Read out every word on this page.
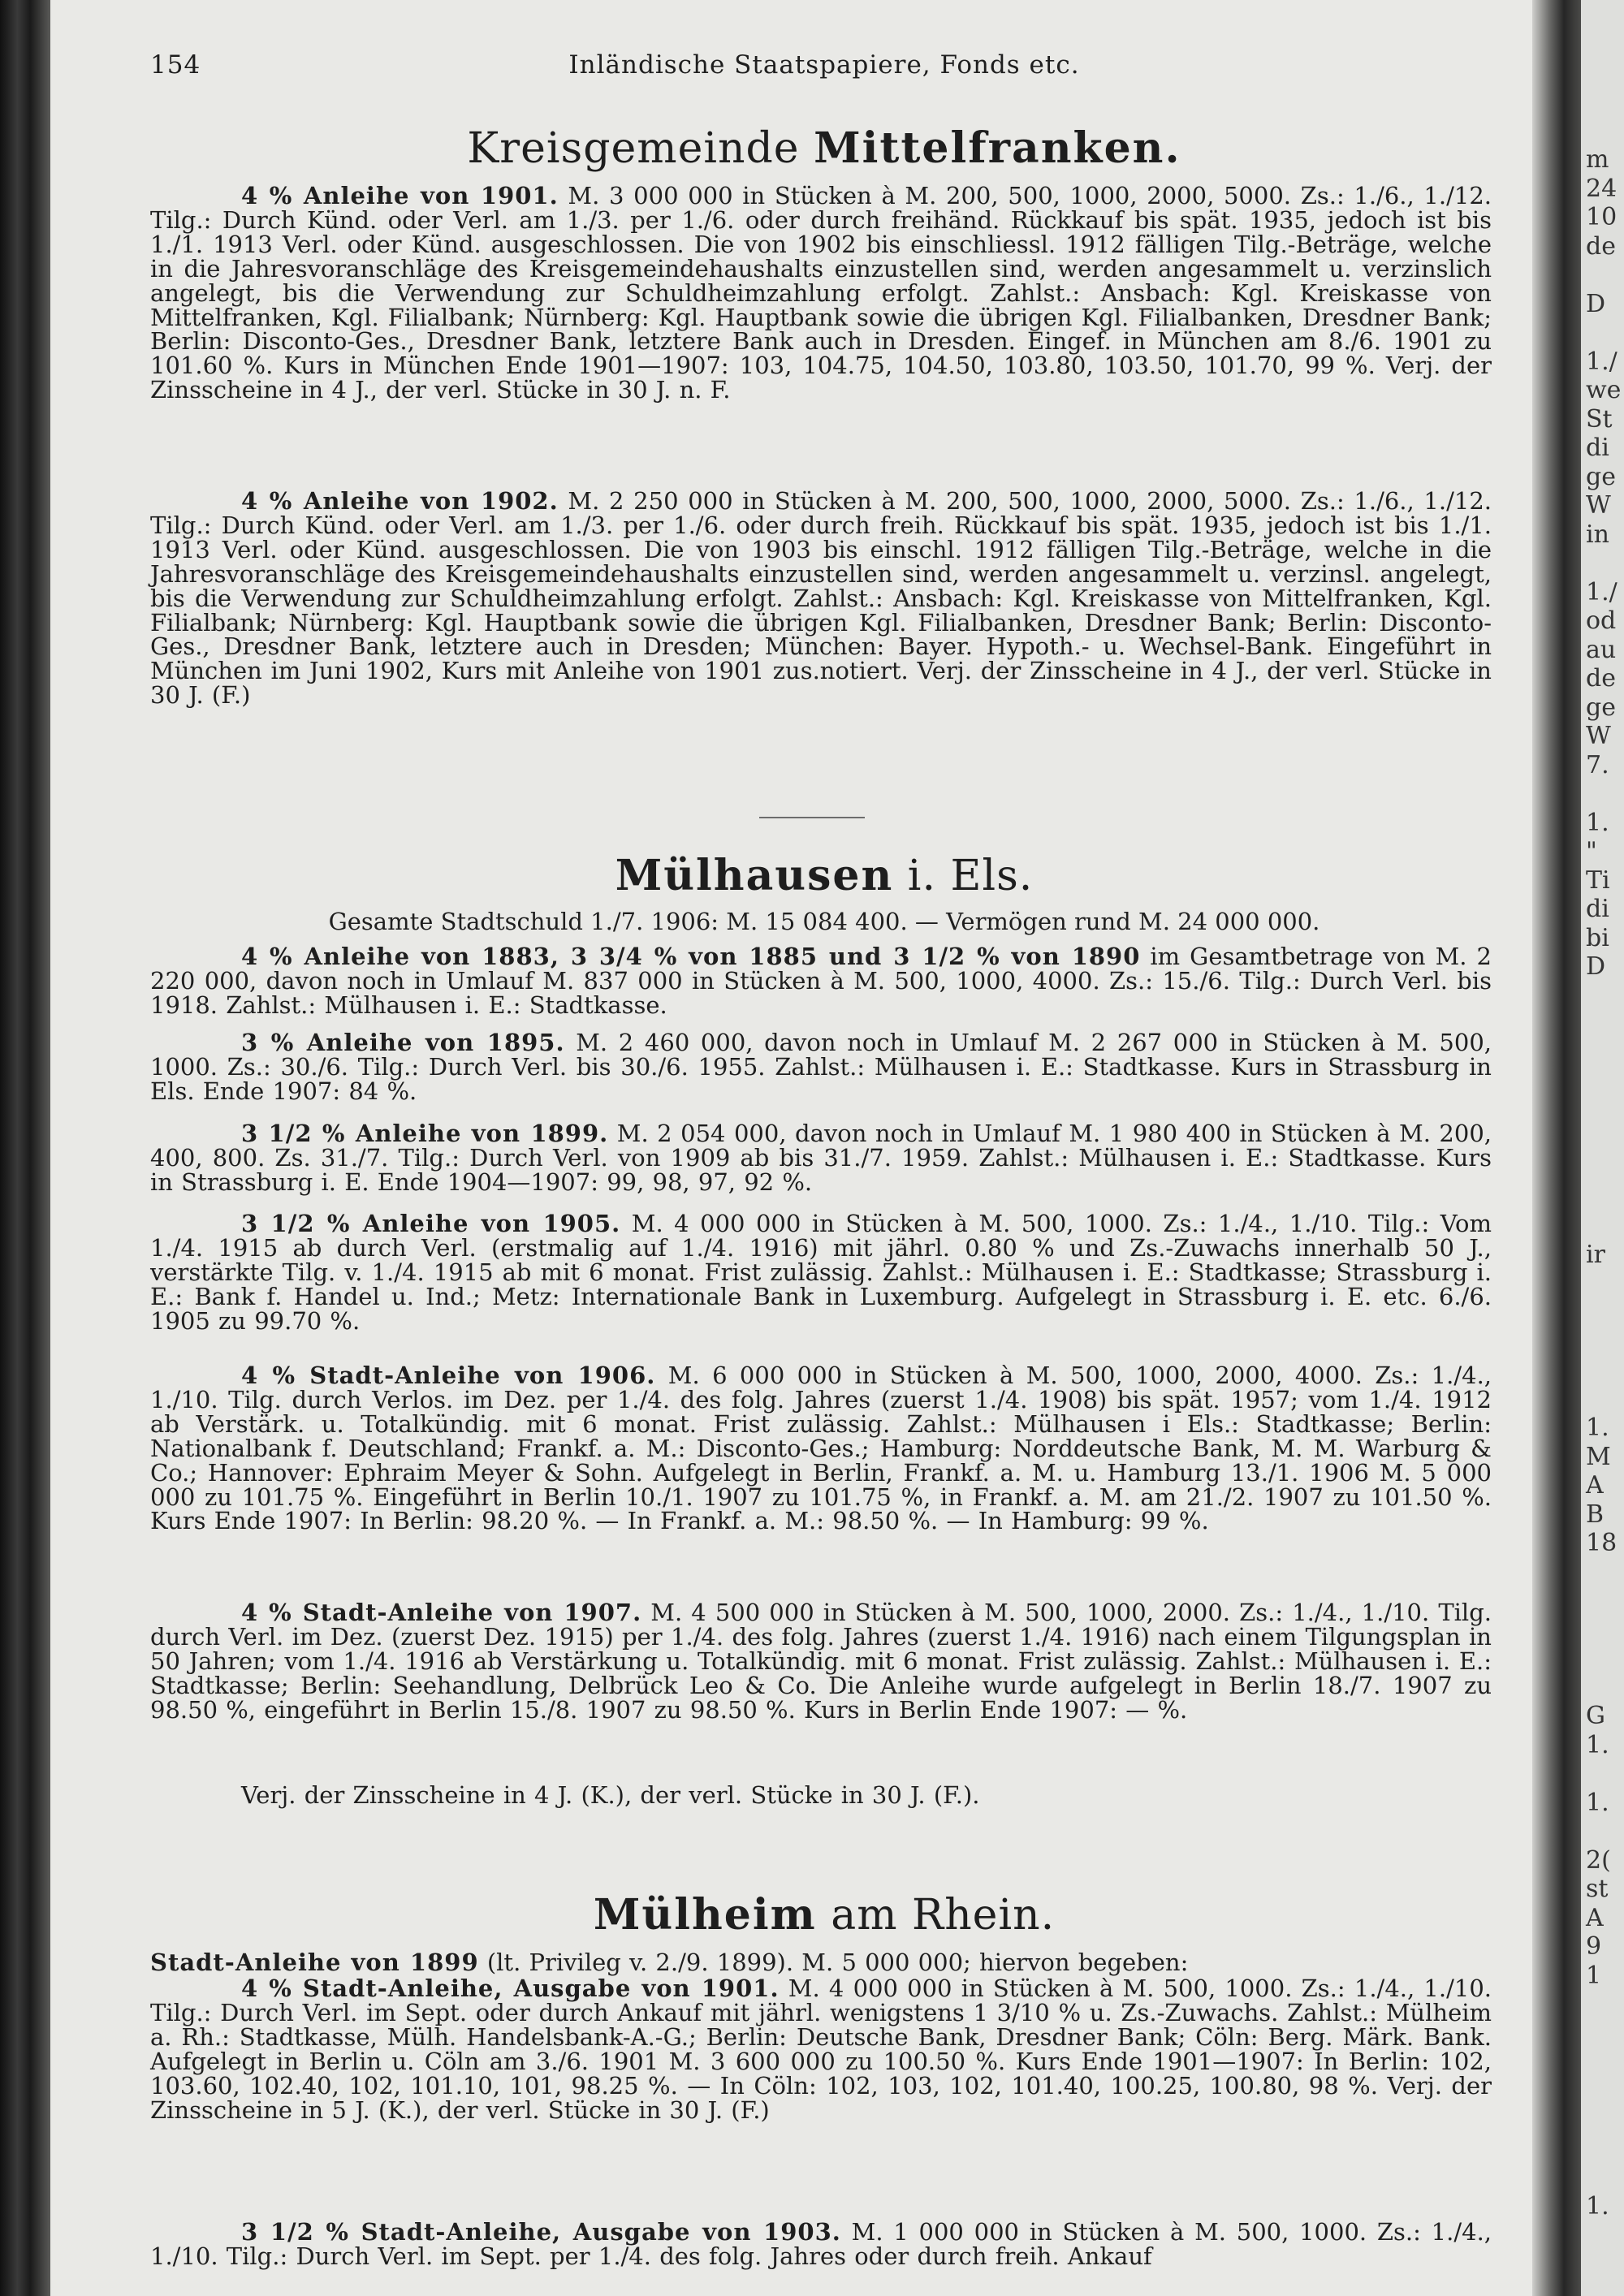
m
24
10
de
D
1./
we
St
di
ge
W
in
1./
od
au
de
ge
W
7.
1.
"
Ti
di
bi
D
ir
1.
M
A
B
18
G
1.
1.
2(
st
A
9
1
1.
154	Inländische Staatspapiere, Fonds etc.
Kreisgemeinde Mittelfranken.

4 % Anleihe von 1901. M. 3 000 000 in Stücken à M. 200, 500, 1000, 2000, 5000. Zs.: 1./6., 1./12. Tilg.: Durch Künd. oder Verl. am 1./3. per 1./6. oder durch freihänd. Rückkauf bis spät. 1935, jedoch ist bis 1./1. 1913 Verl. oder Künd. ausgeschlossen. Die von 1902 bis einschliessl. 1912 fälligen Tilg.-Beträge, welche in die Jahresvoranschläge des Kreisgemeindehaushalts einzustellen sind, werden angesammelt u. verzinslich angelegt, bis die Verwendung zur Schuldheimzahlung erfolgt. Zahlst.: Ansbach: Kgl. Kreiskasse von Mittelfranken, Kgl. Filialbank; Nürnberg: Kgl. Hauptbank sowie die übrigen Kgl. Filialbanken, Dresdner Bank; Berlin: Disconto-Ges., Dresdner Bank, letztere Bank auch in Dresden. Eingef. in München am 8./6. 1901 zu 101.60 %. Kurs in München Ende 1901—1907: 103, 104.75, 104.50, 103.80, 103.50, 101.70, 99 %. Verj. der Zinsscheine in 4 J., der verl. Stücke in 30 J. n. F.

4 % Anleihe von 1902. M. 2 250 000 in Stücken à M. 200, 500, 1000, 2000, 5000. Zs.: 1./6., 1./12. Tilg.: Durch Künd. oder Verl. am 1./3. per 1./6. oder durch freih. Rückkauf bis spät. 1935, jedoch ist bis 1./1. 1913 Verl. oder Künd. ausgeschlossen. Die von 1903 bis einschl. 1912 fälligen Tilg.-Beträge, welche in die Jahresvoranschläge des Kreisgemeindehaushalts einzustellen sind, werden angesammelt u. verzinsl. angelegt, bis die Verwendung zur Schuldheimzahlung erfolgt. Zahlst.: Ansbach: Kgl. Kreiskasse von Mittelfranken, Kgl. Filialbank; Nürnberg: Kgl. Hauptbank sowie die übrigen Kgl. Filialbanken, Dresdner Bank; Berlin: Disconto-Ges., Dresdner Bank, letztere auch in Dresden; München: Bayer. Hypoth.- u. Wechsel-Bank. Eingeführt in München im Juni 1902, Kurs mit Anleihe von 1901 zus.notiert. Verj. der Zinsscheine in 4 J., der verl. Stücke in 30 J. (F.)

Mülhausen i. Els.
Gesamte Stadtschuld 1./7. 1906: M. 15 084 400. — Vermögen rund M. 24 000 000.

4 % Anleihe von 1883, 3 3/4 % von 1885 und 3 1/2 % von 1890 im Gesamtbetrage von M. 2 220 000, davon noch in Umlauf M. 837 000 in Stücken à M. 500, 1000, 4000. Zs.: 15./6. Tilg.: Durch Verl. bis 1918. Zahlst.: Mülhausen i. E.: Stadtkasse.

3 % Anleihe von 1895. M. 2 460 000, davon noch in Umlauf M. 2 267 000 in Stücken à M. 500, 1000. Zs.: 30./6. Tilg.: Durch Verl. bis 30./6. 1955. Zahlst.: Mülhausen i. E.: Stadtkasse. Kurs in Strassburg in Els. Ende 1907: 84 %.

3 1/2 % Anleihe von 1899. M. 2 054 000, davon noch in Umlauf M. 1 980 400 in Stücken à M. 200, 400, 800. Zs. 31./7. Tilg.: Durch Verl. von 1909 ab bis 31./7. 1959. Zahlst.: Mülhausen i. E.: Stadtkasse. Kurs in Strassburg i. E. Ende 1904—1907: 99, 98, 97, 92 %.

3 1/2 % Anleihe von 1905. M. 4 000 000 in Stücken à M. 500, 1000. Zs.: 1./4., 1./10. Tilg.: Vom 1./4. 1915 ab durch Verl. (erstmalig auf 1./4. 1916) mit jährl. 0.80 % und Zs.-Zuwachs innerhalb 50 J., verstärkte Tilg. v. 1./4. 1915 ab mit 6 monat. Frist zulässig. Zahlst.: Mülhausen i. E.: Stadtkasse; Strassburg i. E.: Bank f. Handel u. Ind.; Metz: Internationale Bank in Luxemburg. Aufgelegt in Strassburg i. E. etc. 6./6. 1905 zu 99.70 %.

4 % Stadt-Anleihe von 1906. M. 6 000 000 in Stücken à M. 500, 1000, 2000, 4000. Zs.: 1./4., 1./10. Tilg. durch Verlos. im Dez. per 1./4. des folg. Jahres (zuerst 1./4. 1908) bis spät. 1957; vom 1./4. 1912 ab Verstärk. u. Totalkündig. mit 6 monat. Frist zulässig. Zahlst.: Mülhausen i Els.: Stadtkasse; Berlin: Nationalbank f. Deutschland; Frankf. a. M.: Disconto-Ges.; Hamburg: Norddeutsche Bank, M. M. Warburg & Co.; Hannover: Ephraim Meyer & Sohn. Aufgelegt in Berlin, Frankf. a. M. u. Hamburg 13./1. 1906 M. 5 000 000 zu 101.75 %. Eingeführt in Berlin 10./1. 1907 zu 101.75 %, in Frankf. a. M. am 21./2. 1907 zu 101.50 %. Kurs Ende 1907: In Berlin: 98.20 %. — In Frankf. a. M.: 98.50 %. — In Hamburg: 99 %.

4 % Stadt-Anleihe von 1907. M. 4 500 000 in Stücken à M. 500, 1000, 2000. Zs.: 1./4., 1./10. Tilg. durch Verl. im Dez. (zuerst Dez. 1915) per 1./4. des folg. Jahres (zuerst 1./4. 1916) nach einem Tilgungsplan in 50 Jahren; vom 1./4. 1916 ab Verstärkung u. Totalkündig. mit 6 monat. Frist zulässig. Zahlst.: Mülhausen i. E.: Stadtkasse; Berlin: Seehandlung, Delbrück Leo & Co. Die Anleihe wurde aufgelegt in Berlin 18./7. 1907 zu 98.50 %, eingeführt in Berlin 15./8. 1907 zu 98.50 %. Kurs in Berlin Ende 1907: — %.

Verj. der Zinsscheine in 4 J. (K.), der verl. Stücke in 30 J. (F.).

Mülheim am Rhein.

Stadt-Anleihe von 1899 (lt. Privileg v. 2./9. 1899). M. 5 000 000; hiervon begeben:

4 % Stadt-Anleihe, Ausgabe von 1901. M. 4 000 000 in Stücken à M. 500, 1000. Zs.: 1./4., 1./10. Tilg.: Durch Verl. im Sept. oder durch Ankauf mit jährl. wenigstens 1 3/10 % u. Zs.-Zuwachs. Zahlst.: Mülheim a. Rh.: Stadtkasse, Mülh. Handelsbank-A.-G.; Berlin: Deutsche Bank, Dresdner Bank; Cöln: Berg. Märk. Bank. Aufgelegt in Berlin u. Cöln am 3./6. 1901 M. 3 600 000 zu 100.50 %. Kurs Ende 1901—1907: In Berlin: 102, 103.60, 102.40, 102, 101.10, 101, 98.25 %. — In Cöln: 102, 103, 102, 101.40, 100.25, 100.80, 98 %. Verj. der Zinsscheine in 5 J. (K.), der verl. Stücke in 30 J. (F.)

3 1/2 % Stadt-Anleihe, Ausgabe von 1903. M. 1 000 000 in Stücken à M. 500, 1000. Zs.: 1./4., 1./10. Tilg.: Durch Verl. im Sept. per 1./4. des folg. Jahres oder durch freih. Ankauf
